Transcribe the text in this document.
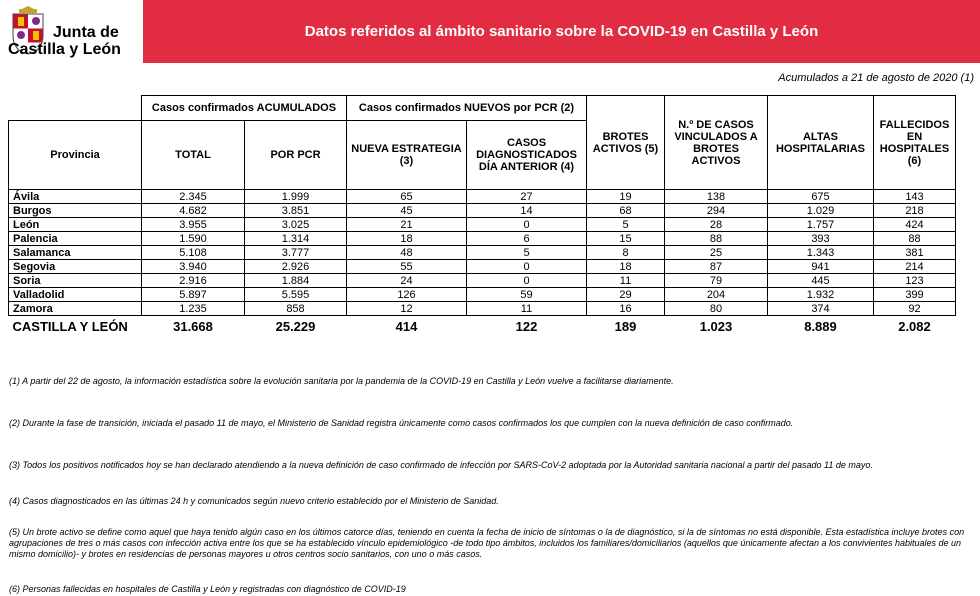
Junta de
Castilla y León
Datos referidos al ámbito sanitario sobre la COVID-19 en Castilla y León
Acumulados a 21 de agosto de 2020 (1)
	Casos confirmados ACUMULADOS		Casos confirmados NUEVOS por PCR (2)		BROTES ACTIVOS (5)	N.º DE CASOS VINCULADOS A BROTES ACTIVOS	ALTAS HOSPITALARIAS	FALLECIDOS EN HOSPITALES (6)
Provincia	TOTAL	POR PCR	NUEVA ESTRATEGIA (3)	CASOS DIAGNOSTICADOS DÍA ANTERIOR (4)				
Ávila	2.345	1.999	65	27	19	138	675	143
Burgos	4.682	3.851	45	14	68	294	1.029	218
León	3.955	3.025	21	0	5	28	1.757	424
Palencia	1.590	1.314	18	6	15	88	393	88
Salamanca	5.108	3.777	48	5	8	25	1.343	381
Segovia	3.940	2.926	55	0	18	87	941	214
Soria	2.916	1.884	24	0	11	79	445	123
Valladolid	5.897	5.595	126	59	29	204	1.932	399
Zamora	1.235	858	12	11	16	80	374	92
CASTILLA Y LEÓN	31.668	25.229	414	122	189	1.023	8.889	2.082
(1) A partir del 22 de agosto, la información estadística sobre la evolución sanitaria por la pandemia de la COVID-19 en Castilla y León vuelve a facilitarse diariamente.
(2) Durante la fase de transición, iniciada el pasado 11 de mayo, el Ministerio de Sanidad registra únicamente como casos confirmados los que cumplen con la nueva definición de caso confirmado.
(3) Todos los positivos notificados hoy se han declarado atendiendo a la nueva definición de caso confirmado de infección por SARS-CoV-2 adoptada por la Autoridad sanitaria nacional a partir del pasado 11 de mayo.
(4) Casos diagnosticados en las últimas 24 h y comunicados según nuevo criterio establecido por el Ministerio de Sanidad.
(5) Un brote activo se define como aquel que haya tenido algún caso en los últimos catorce días, teniendo en cuenta la fecha de inicio de síntomas o la de diagnóstico, si la de síntomas no está disponible. Esta estadística incluye brotes con agrupaciones de tres o más casos con infección activa entre los que se ha establecido vínculo epidemiológico -de todo tipo ámbitos, incluidos los familiares/domiciliarios (aquellos que únicamente afectan a los convivientes habituales de un mismo domicilio)- y brotes en residencias de personas mayores u otros centros socio sanitarios, con uno o más casos.
(6) Personas fallecidas en hospitales de Castilla y León y registradas con diagnóstico de COVID-19
